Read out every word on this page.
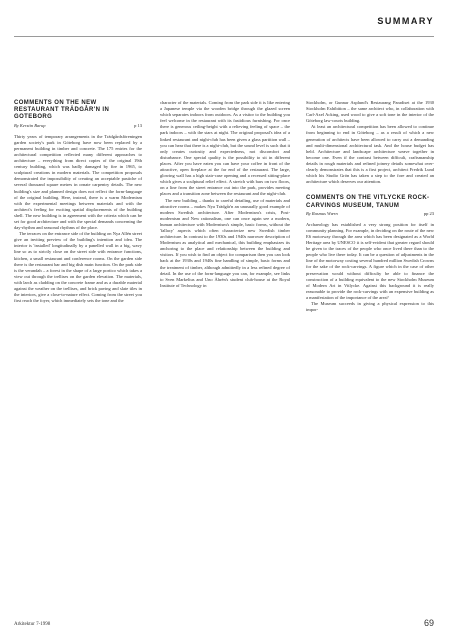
SUMMARY
COMMENTS ON THE NEW RESTAURANT TRÄDGÅR'N IN GOTEBORG
By Kerstin Barup	p 13

Thirty years of temporary arrangements in the Trädgårdsföreningen garden society's park in Göteborg have now been replaced by a permanent building in timber and concrete. The 175 entries for the architectural competition reflected many different approaches to architecture – everything from direct copies of the original 19th century building, which was badly damaged by fire in 1965, to sculptural creations in modern materials. The competition proposals demonstrated the impossibility of creating an acceptable pastiche of several thousand square metres in ornate carpentry details. The new building's size and planned design does not reflect the form-language of the original building. Here, instead, there is a warm Modernism with the experimental meetings between materials and with the architect's feeling for exciting spatial displacements of the building shell. The new building is in agreement with the criteria which can be set for good architecture and with the special demands concerning the day-rhythm and seasonal rhythms of the place.

The terraces on the entrance side of the building on Nya Allén street give an inviting preview of the building's intention and idea. The interior is 'installed' longitudinally by a panelled wall in a big, wavy line so as to strictly close on the street side with entrance functions, kitchen, a small restaurant and conference rooms. On the garden side there is the restaurant bar and big dish main function. On the park side is the verandah – a forest in the shape of a large portico which takes a view out through the trellises on the garden elevation. The materials, with larch as cladding on the concrete frame and as a durable material against the weather on the trellises, and brick paving and slate tiles in the interiors, give a close-to-nature effect. Coming from the street you first reach the foyer, which immediately sets the tone and the

character of the materials. Coming from the park side it is like entering a Japanese temple via the wooden bridge through the glazed screen which separates indoors from outdoors. As a visitor to the building you feel welcome in the restaurant with its fastidious furnishing. For once there is generous ceiling-height with a relieving feeling of space – the park indoors – with the stars at night. The original proposal's idea of a linked restaurant and night-club has been given a glass partition wall – you can hear that there is a night-club, but the sound level is such that it only creates curiosity and expectedness, not discomfort and disturbance. One special quality is the possibility to sit in different places. After you have eaten you can have your coffee in front of the attractive, open fireplace at the far end of the restaurant. The large, glowing wall has a high stair-case opening and a recessed sitting-place which gives a sculptural relief effect. A stretch with bars on two floors, on a line from the street entrance out into the park, provides meeting places and a transition zone between the restaurant and the night-club.

The new building – thanks to careful detailing, use of materials and attractive rooms – makes Nya Trädgår'n an unusually good example of modern Swedish architecture. After Modernism's crisis, Post-modernism and New rationalism, one can once again see a modern, human architecture with Modernism's simple, basic forms, without the 'fallacy' aspects which often characterize new Swedish timber architecture. In contrast to the 1930s and 1940s narrower description of Modernism as analytical and mechanical, this building emphasizes its anchoring to the place and relationship between the building and visitors. If you wish to find an object for comparison then you can look back at the 1930s and 1940s fine handling of simple, basic forms and the treatment of timber, although admittedly in a less refined degree of detail. In the use of the form-language you can, for example, see links to Sven Markelius and Uno Åhrén's student club-house at the Royal Institute of Technology in

Stockholm, or Gunnar Asplund's Restaurang Paradiset at the 1930 Stockholm Exhibition – the same architect who, in collaboration with Carl-Axel Acking, used wood to give a soft tone in the interior of the Göteborg law-courts building.

At least an architectural competition has been allowed to continue from beginning to end in Göteborg – as a result of which a new generation of architects have been allowed to carry out a demanding and multi-dimensional architectural task. And the house budget has held. Architecture and landscape architecture weave together in become one. Even if the contrast between difficult, craftsmanship details in rough materials and refined joinery details somewhat over-clearly demonstrates that this is a first project, architect Fredrik Lund which his Studio Grön has taken a step to the fore and created an architecture which deserves our attention.

COMMENTS ON THE VITLYCKE ROCK-CARVINGS MUSEUM, TANUM
By Rasmus Wærn	pp 23

Archaeology has established a very strong position for itself in community planning. For example, in deciding on the route of the new E6 motorway through the area which has been designated as a World Heritage area by UNESCO it is self-evident that greater regard should be given to the traces of the people who once lived there than to the people who live there today. It can be a question of adjustments in the line of the motorway costing several hundred million Swedish Crowns for the sake of the rock-carvings. A figure which in the case of other preservation would without difficulty be able to finance the construction of a building equivalent to the new Stockholm Museum of Modern Art in Vitlycke. Against this background it is really reasonable to provide the rock-carvings with an expensive building as a manifestation of the importance of the area?

The Museum succeeds in giving a physical expression to this impor-

Arkitektur 7-1998	69
